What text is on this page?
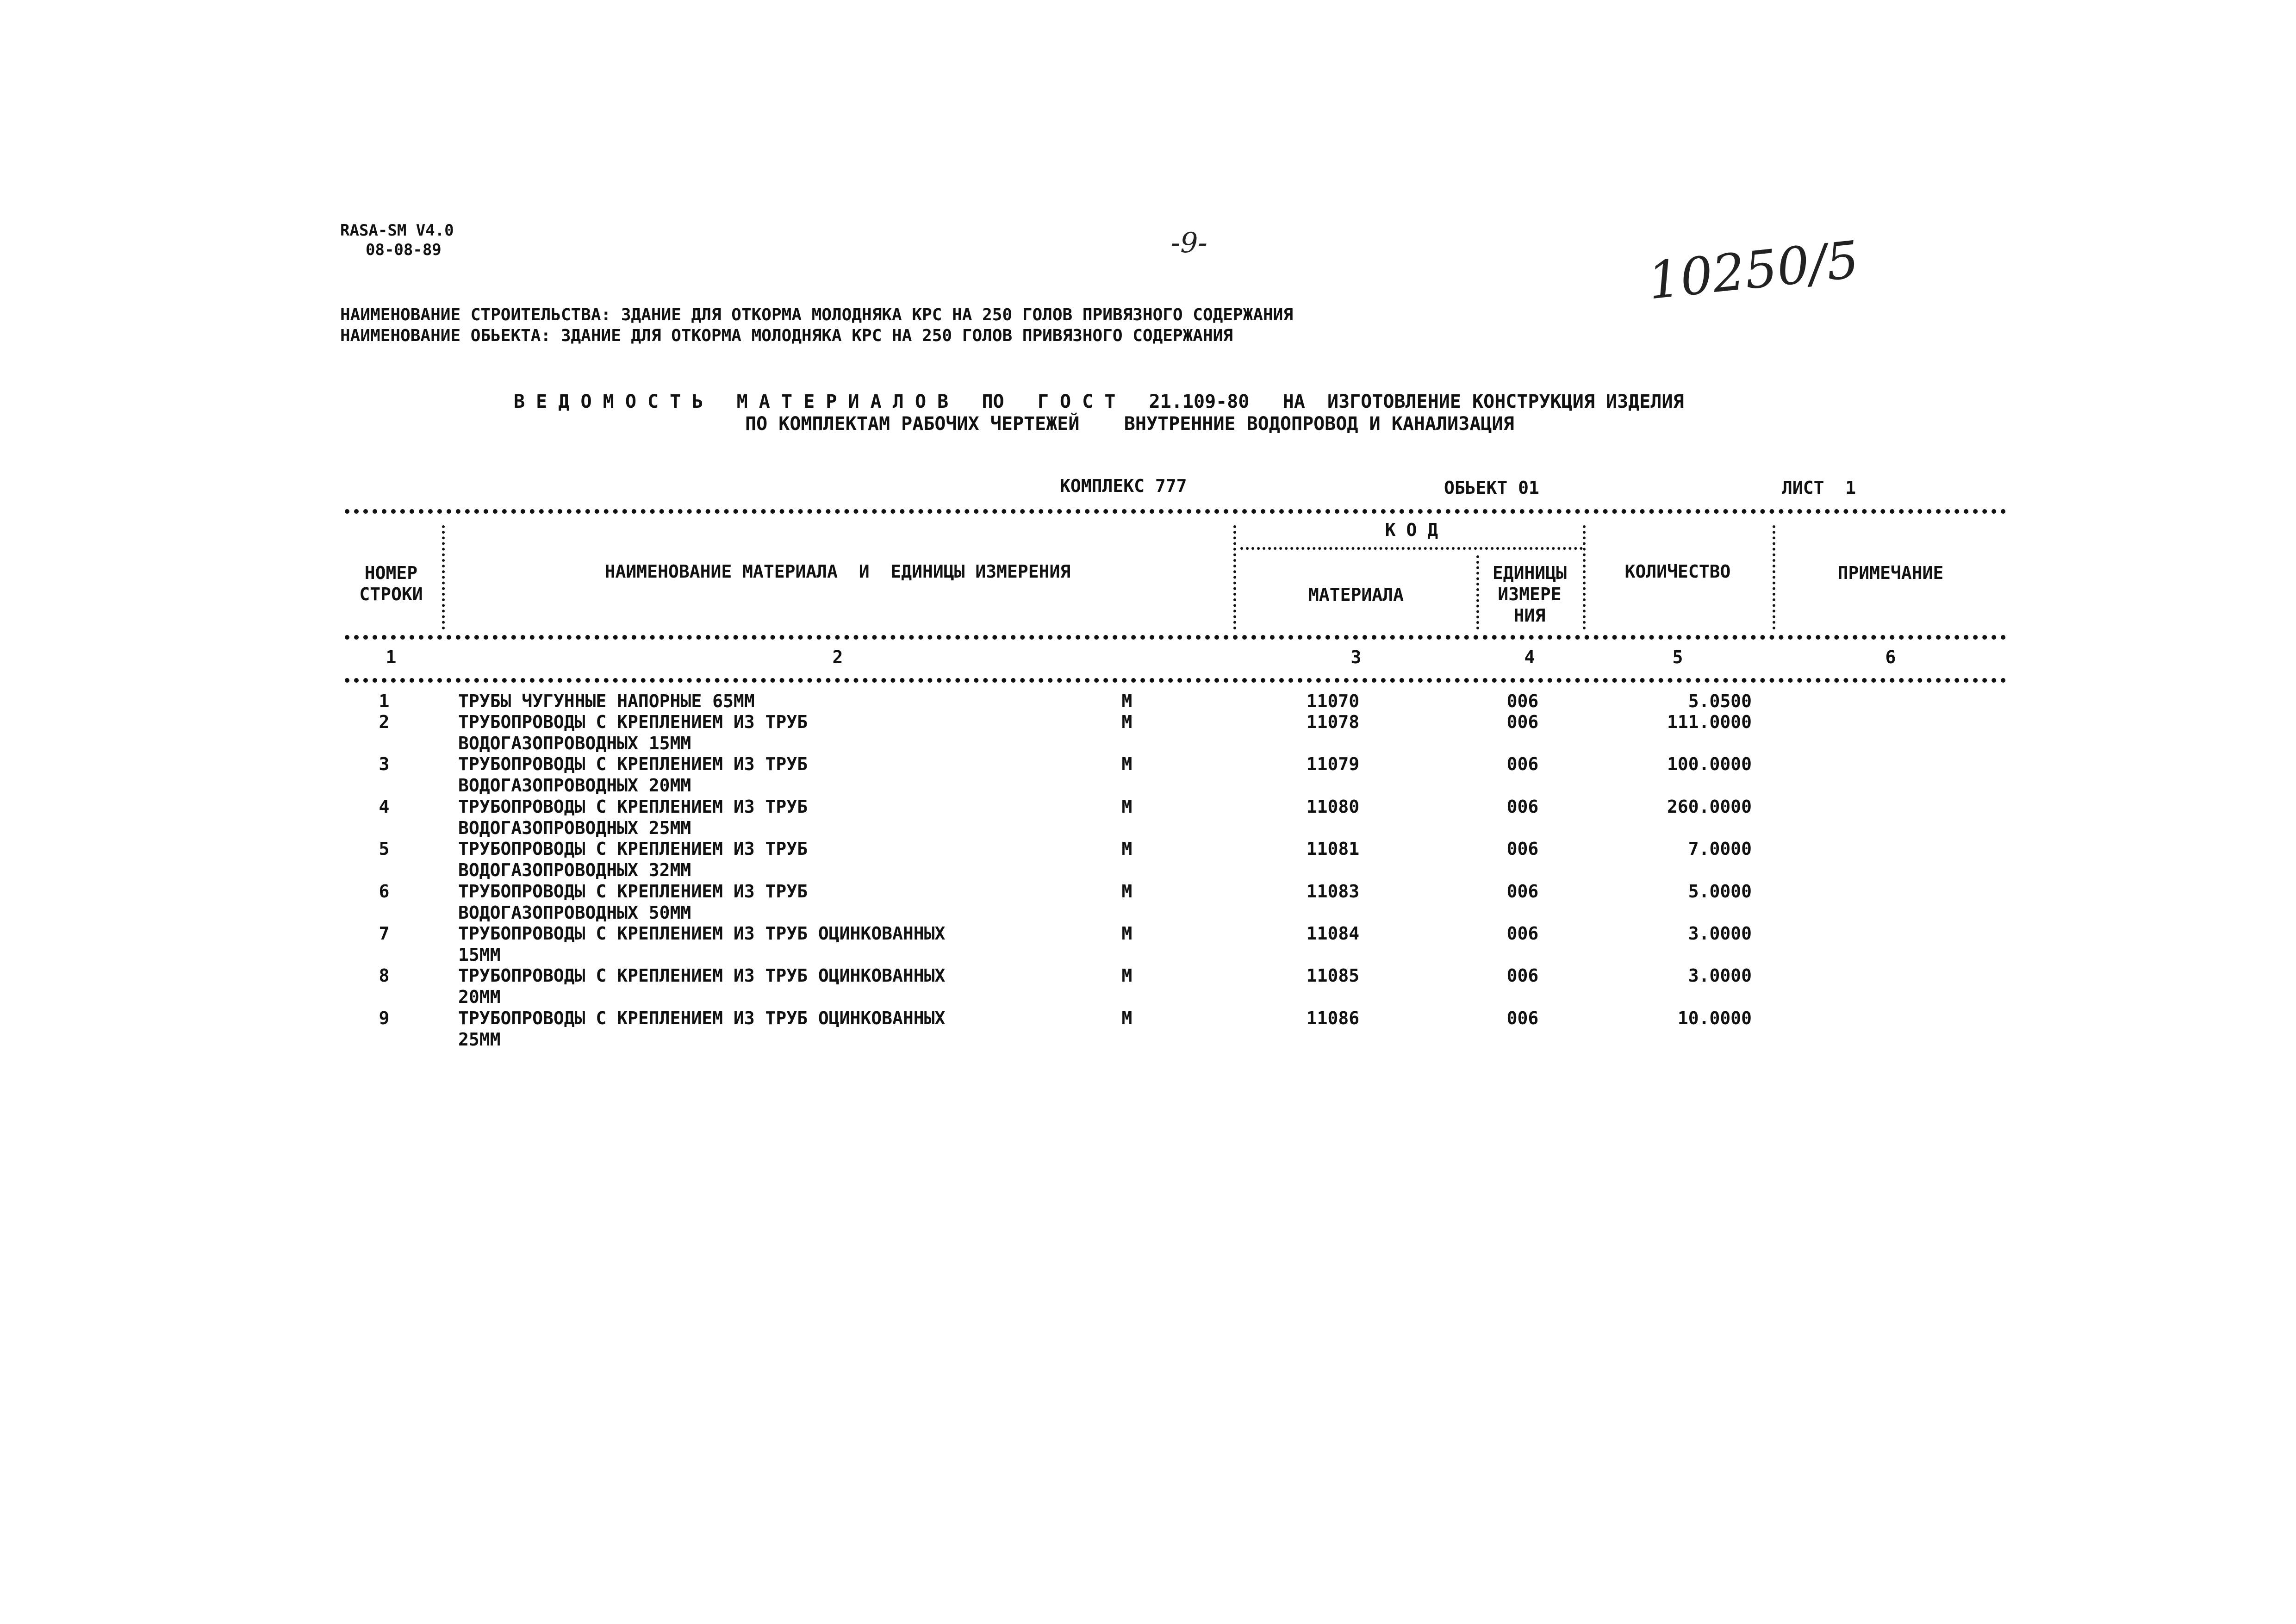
RASA-SM V4.0
08-08-89	-9-	10250/5
НАИМЕНОВАНИЕ СТРОИТЕЛЬСТВА: ЗДАНИЕ ДЛЯ ОТКОРМА МОЛОДНЯКА КРС НА 250 ГОЛОВ ПРИВЯЗНОГО СОДЕРЖАНИЯ
НАИМЕНОВАНИЕ ОБЬЕКТА: ЗДАНИЕ ДЛЯ ОТКОРМА МОЛОДНЯКА КРС НА 250 ГОЛОВ ПРИВЯЗНОГО СОДЕРЖАНИЯ
В Е Д О М О С Т Ь   М А Т Е Р И А Л О В   ПО   Г О С Т   21.109-80   НА  ИЗГОТОВЛЕНИЕ КОНСТРУКЦИЯ ИЗДЕЛИЯ
ПО КОМПЛЕКТАМ РАБОЧИХ ЧЕРТЕЖЕЙ    ВНУТРЕННИЕ ВОДОПРОВОД И КАНАЛИЗАЦИЯ
КОМПЛЕКС 777	ОБЬЕКТ 01	ЛИСТ  1
НОМЕР
СТРОКИ
НАИМЕНОВАНИЕ МАТЕРИАЛА  И  ЕДИНИЦЫ ИЗМЕРЕНИЯ
К О Д
МАТЕРИАЛА
ЕДИНИЦЫ
ИЗМЕРЕ
НИЯ
КОЛИЧЕСТВО	ПРИМЕЧАНИЕ
1	2	3	4	5	6
1	ТРУБЫ ЧУГУННЫЕ НАПОРНЫЕ 65ММ	М	11070	006	5.0500
2	ТРУБОПРОВОДЫ С КРЕПЛЕНИЕМ ИЗ ТРУБ
ВОДОГАЗОПРОВОДНЫХ 15ММ
М	11078	006	111.0000
3	ТРУБОПРОВОДЫ С КРЕПЛЕНИЕМ ИЗ ТРУБ
ВОДОГАЗОПРОВОДНЫХ 20ММ
М	11079	006	100.0000
4	ТРУБОПРОВОДЫ С КРЕПЛЕНИЕМ ИЗ ТРУБ
ВОДОГАЗОПРОВОДНЫХ 25ММ
М	11080	006	260.0000
5	ТРУБОПРОВОДЫ С КРЕПЛЕНИЕМ ИЗ ТРУБ
ВОДОГАЗОПРОВОДНЫХ 32ММ
М	11081	006	7.0000
6	ТРУБОПРОВОДЫ С КРЕПЛЕНИЕМ ИЗ ТРУБ
ВОДОГАЗОПРОВОДНЫХ 50ММ
М	11083	006	5.0000
7	ТРУБОПРОВОДЫ С КРЕПЛЕНИЕМ ИЗ ТРУБ ОЦИНКОВАННЫХ
15ММ
М	11084	006	3.0000
8	ТРУБОПРОВОДЫ С КРЕПЛЕНИЕМ ИЗ ТРУБ ОЦИНКОВАННЫХ
20ММ
М	11085	006	3.0000
9	ТРУБОПРОВОДЫ С КРЕПЛЕНИЕМ ИЗ ТРУБ ОЦИНКОВАННЫХ
25ММ
М	11086	006	10.0000
